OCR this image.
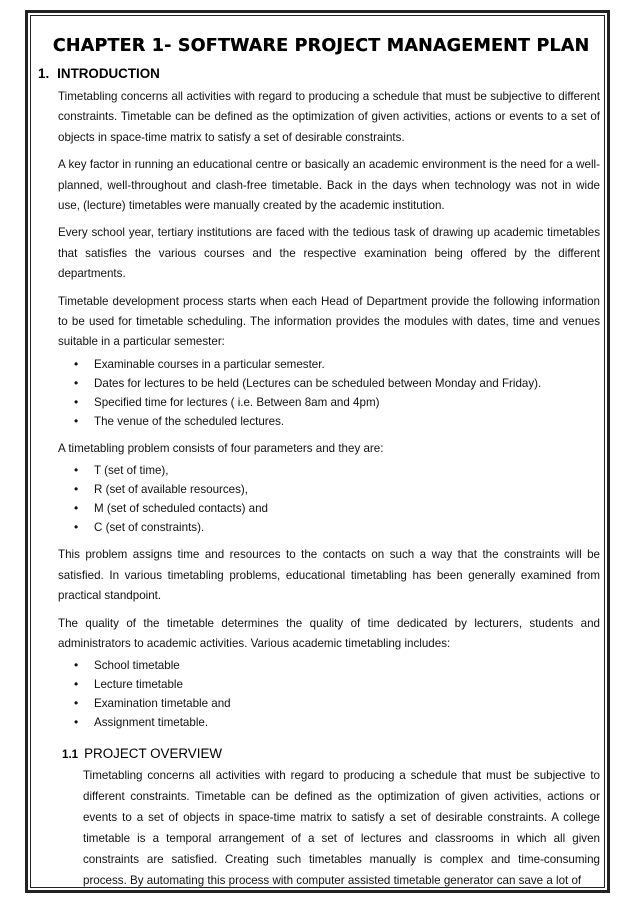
CHAPTER 1- SOFTWARE PROJECT MANAGEMENT PLAN
1. INTRODUCTION

Timetabling concerns all activities with regard to producing a schedule that must be subjective to different constraints. Timetable can be defined as the optimization of given activities, actions or events to a set of objects in space-time matrix to satisfy a set of desirable constraints.

A key factor in running an educational centre or basically an academic environment is the need for a well-planned, well-throughout and clash-free timetable. Back in the days when technology was not in wide use, (lecture) timetables were manually created by the academic institution.

Every school year, tertiary institutions are faced with the tedious task of drawing up academic timetables that satisfies the various courses and the respective examination being offered by the different departments.

Timetable development process starts when each Head of Department provide the following information to be used for timetable scheduling. The information provides the modules with dates, time and venues suitable in a particular semester:

• Examinable courses in a particular semester.
• Dates for lectures to be held (Lectures can be scheduled between Monday and Friday).
• Specified time for lectures ( i.e. Between 8am and 4pm)
• The venue of the scheduled lectures.

A timetabling problem consists of four parameters and they are:

• T (set of time),
• R (set of available resources),
• M (set of scheduled contacts) and
• C (set of constraints).

This problem assigns time and resources to the contacts on such a way that the constraints will be satisfied. In various timetabling problems, educational timetabling has been generally examined from practical standpoint.

The quality of the timetable determines the quality of time dedicated by lecturers, students and administrators to academic activities. Various academic timetabling includes:

• School timetable
• Lecture timetable
• Examination timetable and
• Assignment timetable.
1.1 PROJECT OVERVIEW

Timetabling concerns all activities with regard to producing a schedule that must be subjective to different constraints. Timetable can be defined as the optimization of given activities, actions or events to a set of objects in space-time matrix to satisfy a set of desirable constraints. A college timetable is a temporal arrangement of a set of lectures and classrooms in which all given constraints are satisfied. Creating such timetables manually is complex and time-consuming process. By automating this process with computer assisted timetable generator can save a lot of
